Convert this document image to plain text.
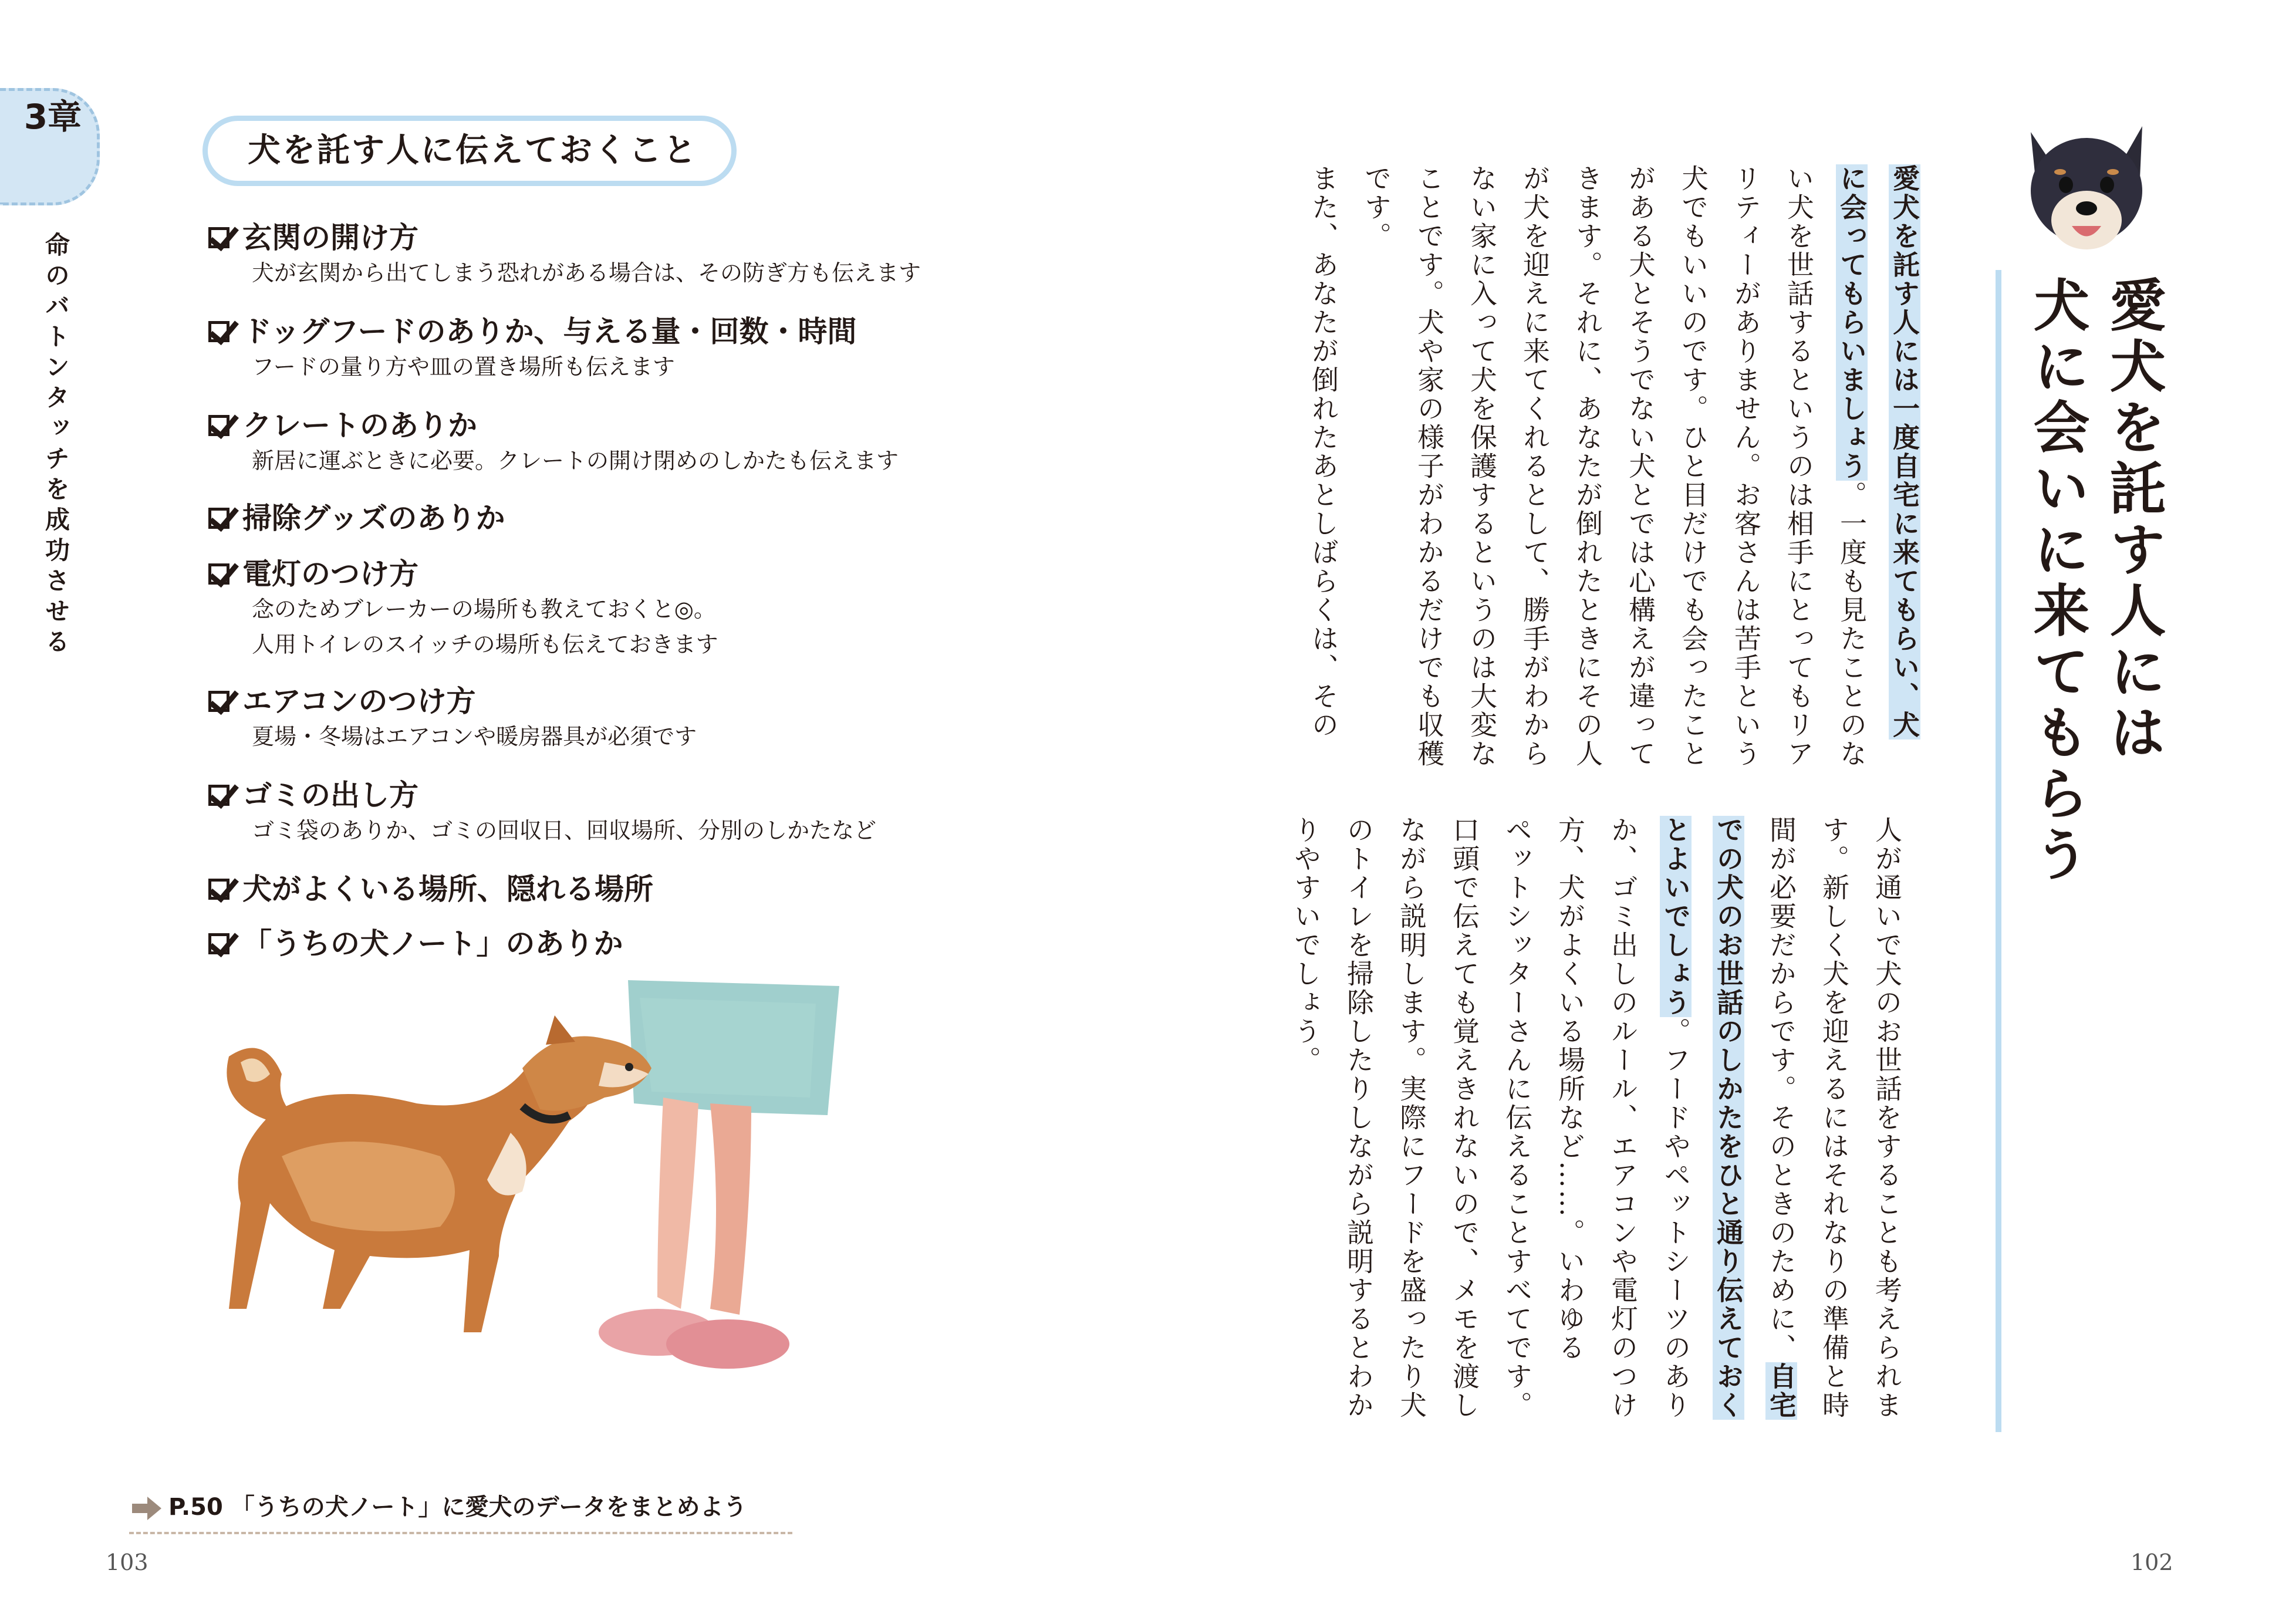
3章
命のバトンタッチを成功させる
犬を託す人に伝えておくこと
玄関の開け方
犬が玄関から出てしまう恐れがある場合は、その防ぎ方も伝えます
ドッグフードのありか、与える量・回数・時間
フードの量り方や皿の置き場所も伝えます
クレートのありか
新居に運ぶときに必要。クレートの開け閉めのしかたも伝えます
掃除グッズのありか
電灯のつけ方
念のためブレーカーの場所も教えておくと◎。
人用トイレのスイッチの場所も伝えておきます
エアコンのつけ方
夏場・冬場はエアコンや暖房器具が必須です
ゴミの出し方
ゴミ袋のありか、ゴミの回収日、回収場所、分別のしかたなど
犬がよくいる場所、隠れる場所
「うちの犬ノート」のありか
P.50 「うちの犬ノート」に愛犬のデータをまとめよう
103	102
愛犬を託す人には
犬に会いに来てもらう
愛犬を託す人には一度自宅に来てもらい、犬
に会ってもらいましょう。一度も見たことのな
い犬を世話するというのは相手にとってもリア
リティーがありません。お客さんは苦手という
犬でもいいのです。ひと目だけでも会ったこと
がある犬とそうでない犬とでは心構えが違って
きます。それに、あなたが倒れたときにその人
が犬を迎えに来てくれるとして、勝手がわから
ない家に入って犬を保護するというのは大変な
ことです。犬や家の様子がわかるだけでも収穫
です。
また、あなたが倒れたあとしばらくは、その
人が通いで犬のお世話をすることも考えられま
す。新しく犬を迎えるにはそれなりの準備と時
間が必要だからです。そのときのために、自宅
での犬のお世話のしかたをひと通り伝えておく
とよいでしょう。フードやペットシーツのあり
か、ゴミ出しのルール、エアコンや電灯のつけ
方、犬がよくいる場所など……。いわゆる
ペットシッターさんに伝えることすべてです。
口頭で伝えても覚えきれないので、メモを渡し
ながら説明します。実際にフードを盛ったり犬
のトイレを掃除したりしながら説明するとわか
りやすいでしょう。
